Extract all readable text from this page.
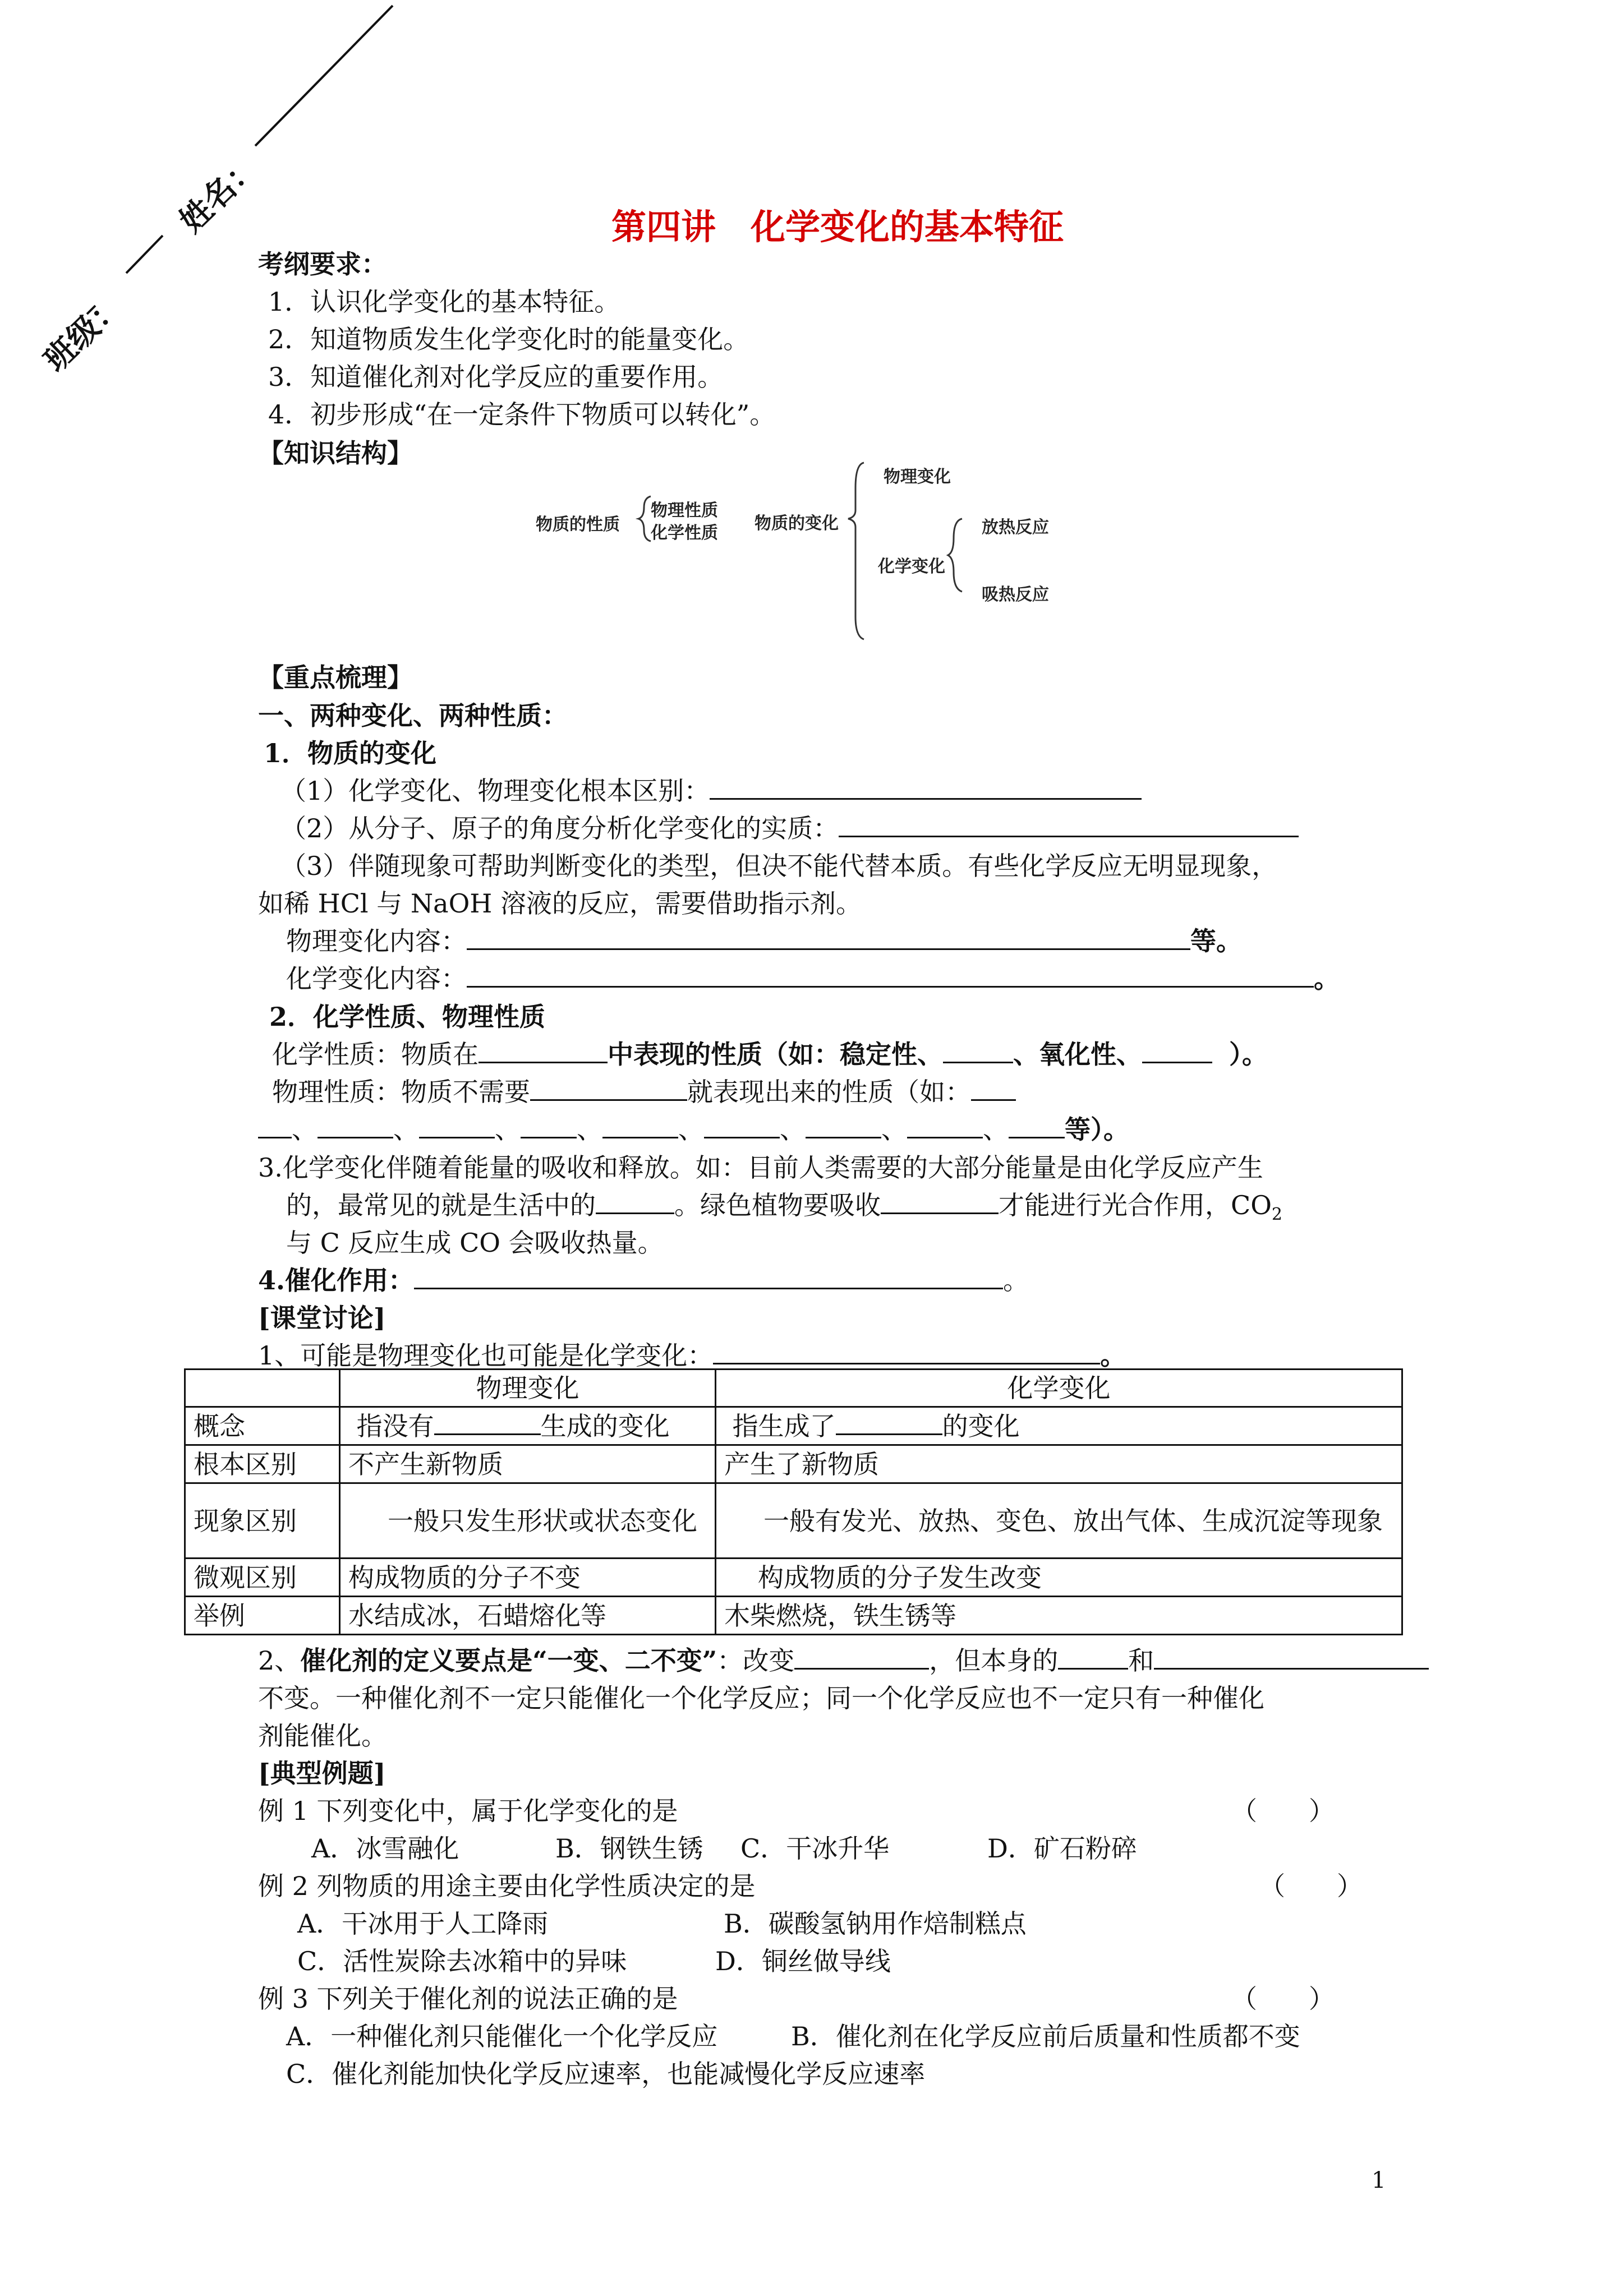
班级：
姓名：	第四讲　化学变化的基本特征
考纲要求：
1．认识化学变化的基本特征。
2．知道物质发生化学变化时的能量变化。
3．知道催化剂对化学反应的重要作用。
4．初步形成“在一定条件下物质可以转化”。
【知识结构】
物质的性质
物理性质
化学性质 物质的变化
物理变化
化学变化
放热反应
吸热反应
【重点梳理】
一、两种变化、两种性质：
1．物质的变化
（1）化学变化、物理变化根本区别：
（2）从分子、原子的角度分析化学变化的实质：
（3）伴随现象可帮助判断变化的类型，但决不能代替本质。有些化学反应无明显现象，
如稀 HCl 与 NaOH 溶液的反应，需要借助指示剂。
物理变化内容：	等。
化学变化内容：	。
2．化学性质、物理性质
化学性质：物质在	中表现的性质（如：稳定性、	、氧化性、	）。
物理性质：物质不需要	就表现出来的性质（如：
、	、	、 、	、	、	、	、 等）。
3.化学变化伴随着能量的吸收和释放。如：目前人类需要的大部分能量是由化学反应产生
的，最常见的就是生活中的	。绿色植物要吸收	才能进行光合作用，$CO_2$
与 C 反应生成 CO 会吸收热量。
4.催化作用：	。
[课堂讨论]
1、可能是物理变化也可能是化学变化：	。
	物理变化	化学变化
概念	指没有 生成的变化	指生成了 的变化
根本区别	不产生新物质	产生了新物质
现象区别	一般只发生形状或状态变化	一般有发光、放热、变色、放出气体、生成沉淀等现象
微观区别	构成物质的分子不变	构成物质的分子发生改变
举例	水结成冰，石蜡熔化等	木柴燃烧，铁生锈等
2、催化剂的定义要点是“一变、二不变”：改变	，但本身的	和
不变。一种催化剂不一定只能催化一个化学反应；同一个化学反应也不一定只有一种催化
剂能催化。
[典型例题]
例 1 下列变化中，属于化学变化的是	（　　）
A．冰雪融化	B．钢铁生锈 C．干冰升华	D．矿石粉碎
例 2 列物质的用途主要由化学性质决定的是	（　　）
A．干冰用于人工降雨	B．碳酸氢钠用作焙制糕点
C．活性炭除去冰箱中的异味	D．铜丝做导线
例 3 下列关于催化剂的说法正确的是	（　　）
A．一种催化剂只能催化一个化学反应	B．催化剂在化学反应前后质量和性质都不变
C．催化剂能加快化学反应速率，也能减慢化学反应速率
1
